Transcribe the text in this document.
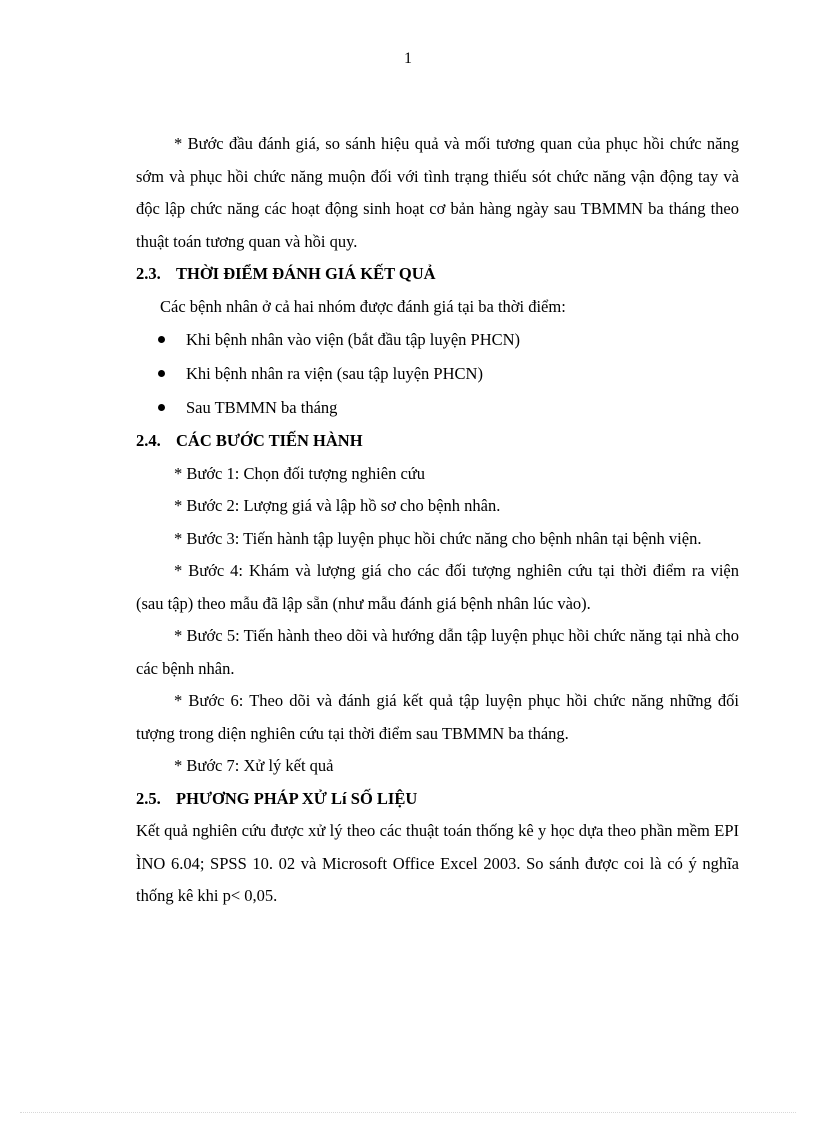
1

* Bước đầu đánh giá, so sánh hiệu quả và mối tương quan của phục hồi chức năng sớm và phục hồi chức năng muộn đối với tình trạng thiếu sót chức năng vận động tay và độc lập chức năng các hoạt động sinh hoạt cơ bản hàng ngày sau TBMMN ba tháng theo thuật toán tương quan và hồi quy.

2.3. THỜI ĐIỂM ĐÁNH GIÁ KẾT QUẢ

Các bệnh nhân ở cả hai nhóm được đánh giá tại ba thời điểm:

Khi bệnh nhân vào viện (bắt đầu tập luyện PHCN)
Khi bệnh nhân ra viện (sau tập luyện PHCN)
Sau TBMMN ba tháng
2.4. CÁC BƯỚC TIẾN HÀNH

* Bước 1: Chọn đối tượng nghiên cứu

* Bước 2: Lượng giá và lập hồ sơ cho bệnh nhân.

* Bước 3: Tiến hành tập luyện phục hồi chức năng cho bệnh nhân tại bệnh viện.

* Bước 4: Khám và lượng giá cho các đối tượng nghiên cứu tại thời điểm ra viện (sau tập) theo mẫu đã lập sẵn (như mẫu đánh giá bệnh nhân lúc vào).

* Bước 5: Tiến hành theo dõi và hướng dẫn tập luyện phục hồi chức năng tại nhà cho các bệnh nhân.

* Bước 6: Theo dõi và đánh giá kết quả tập luyện phục hồi chức năng những đối tượng trong diện nghiên cứu tại thời điểm sau TBMMN ba tháng.

* Bước 7: Xử lý kết quả

2.5. PHƯƠNG PHÁP XỬ Lí SỐ LIỆU

Kết quả nghiên cứu được xử lý theo các thuật toán thống kê y học dựa theo phần mềm EPI ÌNO 6.04; SPSS 10. 02 và Microsoft Office Excel 2003. So sánh được coi là có ý nghĩa thống kê khi p< 0,05.
